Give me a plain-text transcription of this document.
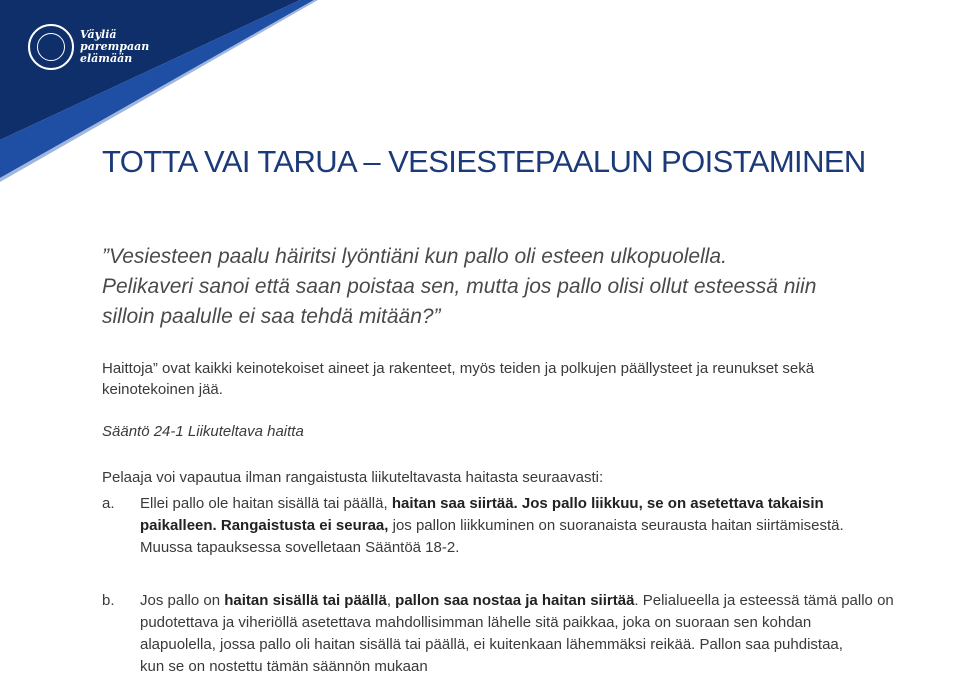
Väyliä
parempaan
elämään
TOTTA VAI TARUA – VESIESTEPAALUN POISTAMINEN
”Vesiesteen paalu häiritsi lyöntiäni kun pallo oli esteen ulkopuolella.
Pelikaveri sanoi että saan poistaa sen, mutta jos pallo olisi ollut esteessä niin
silloin paalulle ei saa tehdä mitään?”
Haittoja” ovat kaikki keinotekoiset aineet ja rakenteet, myös teiden ja polkujen päällysteet ja reunukset sekä
keinotekoinen jää.
Sääntö 24-1 Liikuteltava haitta
Pelaaja voi vapautua ilman rangaistusta liikuteltavasta haitasta seuraavasti:
a. Ellei pallo ole haitan sisällä tai päällä, haitan saa siirtää. Jos pallo liikkuu, se on asetettava takaisin
paikalleen. Rangaistusta ei seuraa, jos pallon liikkuminen on suoranaista seurausta haitan siirtämisestä.
Muussa tapauksessa sovelletaan Sääntöä 18-2.
b. Jos pallo on haitan sisällä tai päällä, pallon saa nostaa ja haitan siirtää. Pelialueella ja esteessä tämä pallo on
pudotettava ja viheriöllä asetettava mahdollisimman lähelle sitä paikkaa, joka on suoraan sen kohdan
alapuolella, jossa pallo oli haitan sisällä tai päällä, ei kuitenkaan lähemmäksi reikää. Pallon saa puhdistaa,
kun se on nostettu tämän säännön mukaan
